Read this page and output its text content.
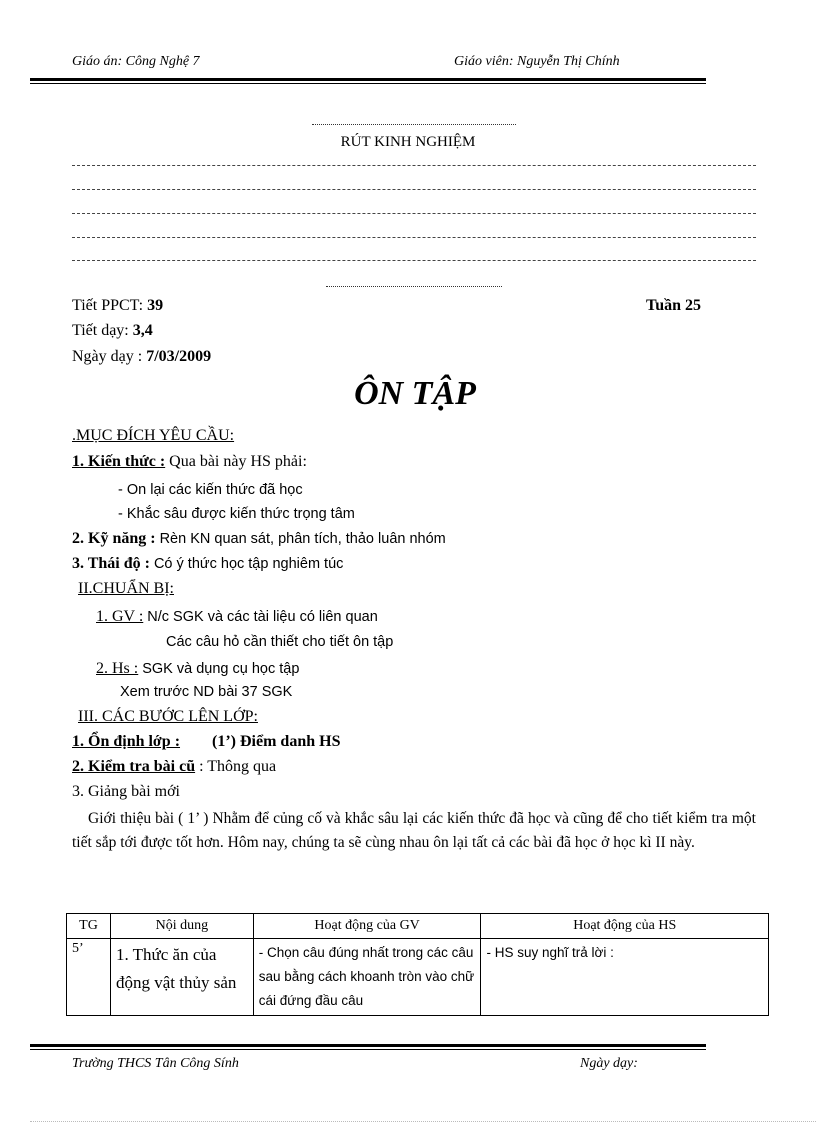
Giáo án: Công Nghệ 7	Giáo viên: Nguyễn Thị Chính
RÚT KINH NGHIỆM
Tiết PPCT: 39	Tuần 25
Tiết dạy: 3,4
Ngày dạy : 7/03/2009
ÔN TẬP
.MỤC ĐÍCH YÊU CẦU:
1. Kiến thức : Qua bài này HS phải:
- On lại các kiến thức đã học
- Khắc sâu được kiến thức trọng tâm
2. Kỹ năng : Rèn KN quan sát, phân tích, thảo luân nhóm
3. Thái độ : Có ý thức học tập nghiêm túc
II.CHUẨN BỊ:
1. GV : N/c SGK và các tài liệu có liên quan
Các câu hỏ cần thiết cho tiết ôn tập
2. Hs : SGK và dụng cụ học tập
Xem trước ND bài 37 SGK
III. CÁC BƯỚC LÊN LỚP:
1. Ổn định lớp : (1’) Điểm danh HS
2. Kiểm tra bài cũ : Thông qua
3. Giảng bài mới
Giới thiệu bài ( 1’ ) Nhằm để củng cố và khắc sâu lại các kiến thức đã học và cũng để cho tiết kiểm tra một tiết sắp tới được tốt hơn. Hôm nay, chúng ta sẽ cùng nhau ôn lại tất cả các bài đã học ở học kì II này.
TG	Nội dung	Hoạt động của GV	Hoạt động của HS
5’	1. Thức ăn của động vật thủy sản	- Chọn câu đúng nhất trong các câu sau bằng cách khoanh tròn vào chữ cái đứng đầu câu	- HS suy nghĩ trả lời :
Trường THCS Tân Công Sính	Ngày dạy:
